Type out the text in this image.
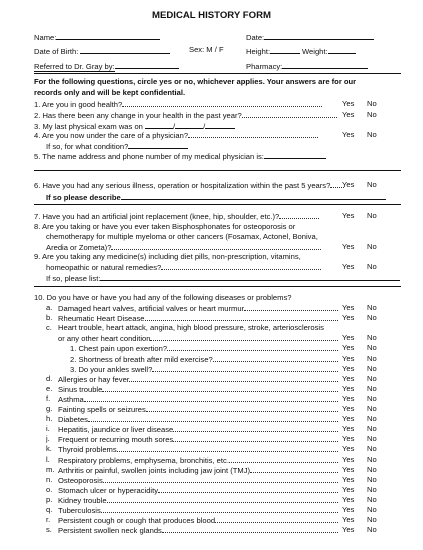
MEDICAL HISTORY FORM
Name:	Date:
Date of Birth:	Sex: M / F	Height:	Weight:
Referred to Dr. Gray by:	Pharmacy:
For the following questions, circle yes or no, whichever applies. Your answers are for our
records only and will be kept confidential.
1. Are you in good health?	Yes No
2. Has there been any change in your health in the past year?	Yes No
3. My last physical exam was on	/	/
4. Are you now under the care of a physician?	Yes No
If so, for what condition?
5. The name address and phone number of my medical physician is:
6. Have you had any serious illness, operation or hospitalization within the past 5 years?	Yes No
If so please describe
7. Have you had an artificial joint replacement (knee, hip, shoulder, etc.)?	Yes No
8. Are you taking or have you ever taken Bisphosphonates for osteoporosis or
chemotherapy for multiple myeloma or other cancers (Fosamax, Actonel, Boniva,
Aredia or Zometa)?	Yes No
9. Are you taking any medicine(s) including diet pills, non-prescription, vitamins,
homeopathic or natural remedies?	Yes No
If so, please list:
10. Do you have or have you had any of the following diseases or problems?
a. Damaged heart valves, artificial valves or heart murmur	Yes No
b. Rheumatic Heart Disease	Yes No
c. Heart trouble, heart attack, angina, high blood pressure, stroke, arteriosclerosis
or any other heart condition	Yes No
1. Chest pain upon exertion?	Yes No
2. Shortness of breath after mild exercise?	Yes No
3. Do your ankles swell?	Yes No
d. Allergies or hay fever	Yes No
e. Sinus trouble	Yes No
f. Asthma	Yes No
g. Fainting spells or seizures	Yes No
h. Diabetes	Yes No
i. Hepatitis, jaundice or liver disease	Yes No
j. Frequent or recurring mouth sores	Yes No
k. Thyroid problems	Yes No
l. Respiratory problems, emphysema, bronchitis, etc.	Yes No
m. Arthritis or painful, swollen joints including jaw joint (TMJ)	Yes No
n. Osteoporosis	Yes No
o. Stomach ulcer or hyperacidity	Yes No
p. Kidney trouble	Yes No
q. Tuberculosis	Yes No
r. Persistent cough or cough that produces blood	Yes No
s. Persistent swollen neck glands	Yes No
